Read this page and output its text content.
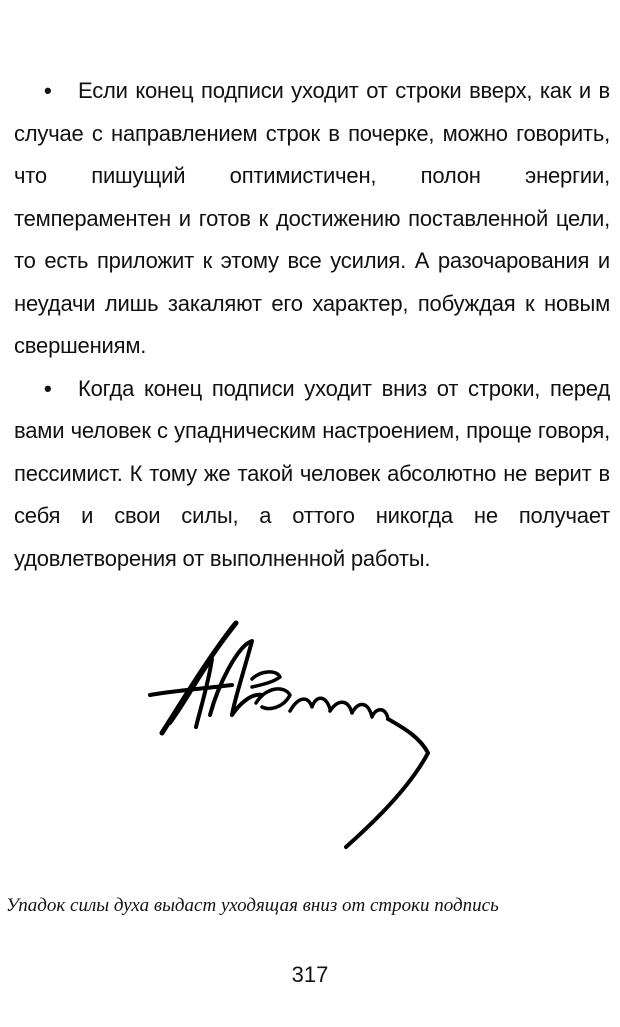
• Если конец подписи уходит от строки вверх, как и в случае с направлением строк в почерке, можно говорить, что пишущий оптимистичен, полон энергии, темпераментен и готов к достижению поставленной цели, то есть приложит к этому все усилия. А разочарования и неудачи лишь закаляют его характер, побуждая к новым свершениям.

• Когда конец подписи уходит вниз от строки, перед вами человек с упадническим настроением, проще говоря, пессимист. К тому же такой человек абсолютно не верит в себя и свои силы, а оттого никогда не получает удовлетворения от выполненной работы.

Упадок силы духа выдаст уходящая вниз от строки подпись
317
